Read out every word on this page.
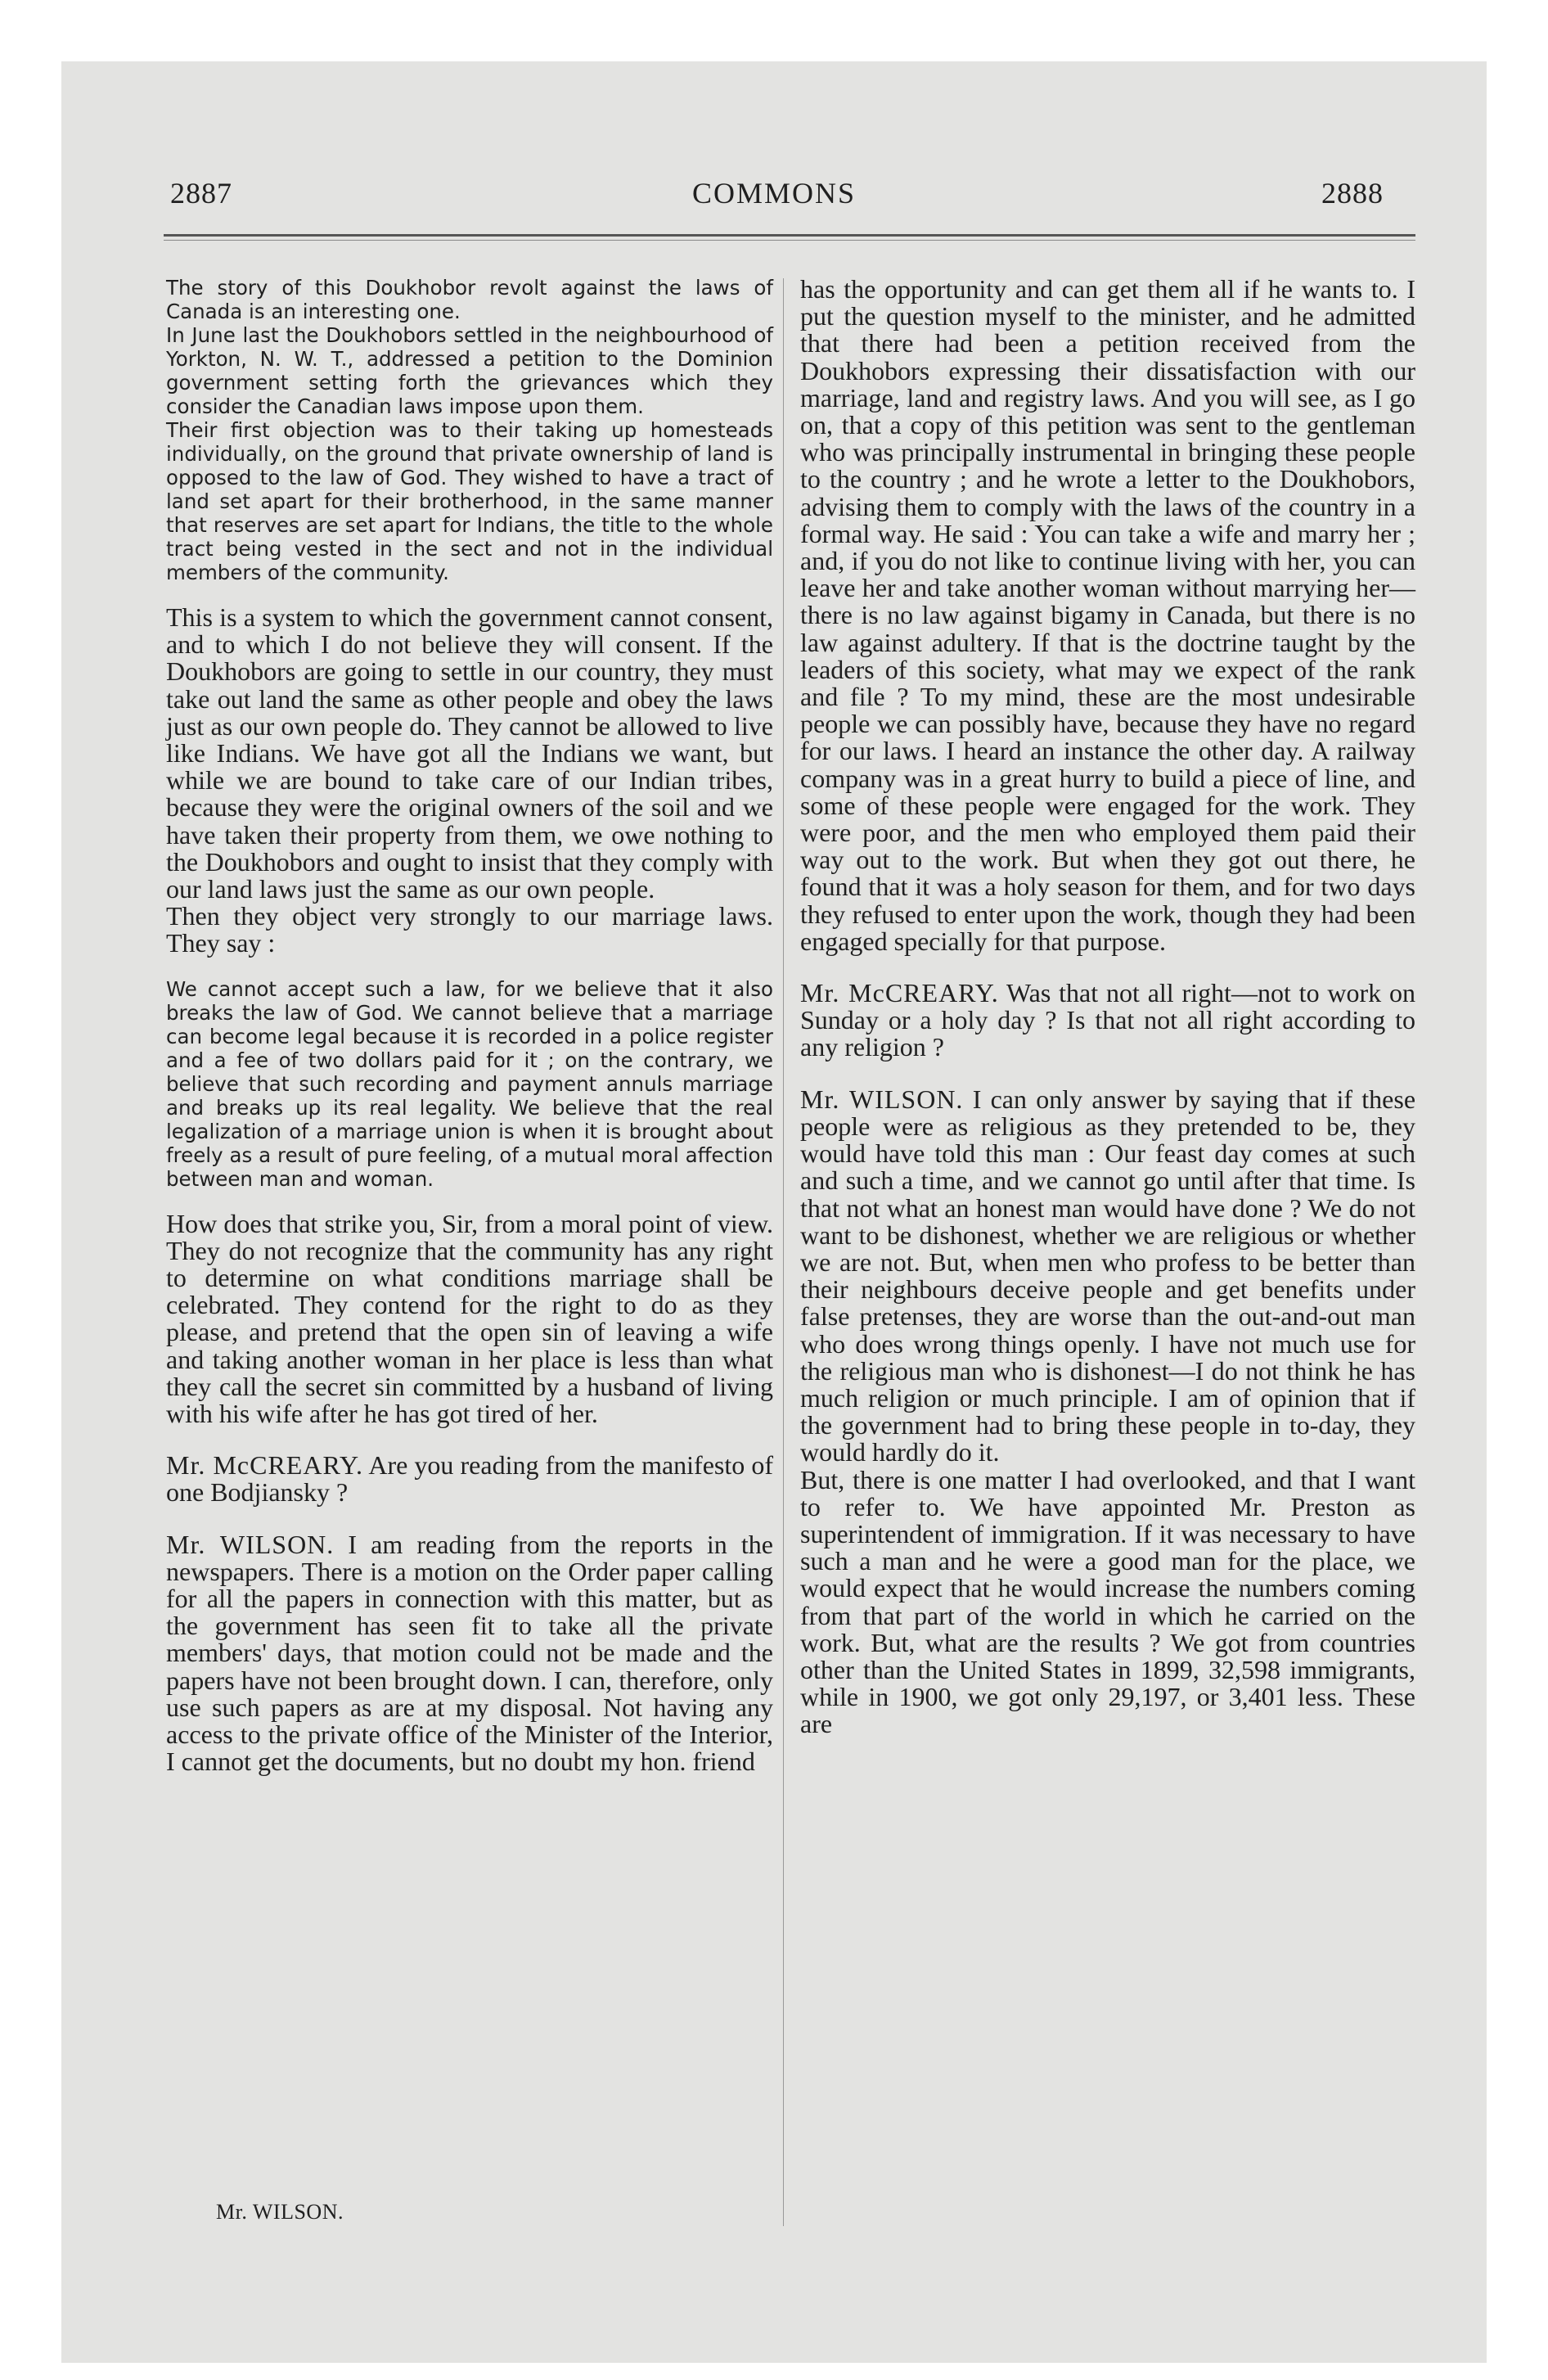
2887	COMMONS	2888

The story of this Doukhobor revolt against the laws of Canada is an interesting one.

In June last the Doukhobors settled in the neighbourhood of Yorkton, N. W. T., addressed a petition to the Dominion government setting forth the grievances which they consider the Canadian laws impose upon them.

Their first objection was to their taking up homesteads individually, on the ground that private ownership of land is opposed to the law of God. They wished to have a tract of land set apart for their brotherhood, in the same manner that reserves are set apart for Indians, the title to the whole tract being vested in the sect and not in the individual members of the community.

This is a system to which the government cannot consent, and to which I do not believe they will consent. If the Doukhobors are going to settle in our country, they must take out land the same as other people and obey the laws just as our own people do. They cannot be allowed to live like Indians. We have got all the Indians we want, but while we are bound to take care of our Indian tribes, because they were the original owners of the soil and we have taken their property from them, we owe nothing to the Doukhobors and ought to insist that they comply with our land laws just the same as our own people.

Then they object very strongly to our marriage laws. They say :

We cannot accept such a law, for we believe that it also breaks the law of God. We cannot believe that a marriage can become legal because it is recorded in a police register and a fee of two dollars paid for it ; on the contrary, we believe that such recording and payment annuls marriage and breaks up its real legality. We believe that the real legalization of a marriage union is when it is brought about freely as a result of pure feeling, of a mutual moral affection between man and woman.

How does that strike you, Sir, from a moral point of view. They do not recognize that the community has any right to determine on what conditions marriage shall be celebrated. They contend for the right to do as they please, and pretend that the open sin of leaving a wife and taking another woman in her place is less than what they call the secret sin committed by a husband of living with his wife after he has got tired of her.

Mr. McCREARY. Are you reading from the manifesto of one Bodjiansky ?

Mr. WILSON. I am reading from the reports in the newspapers. There is a motion on the Order paper calling for all the papers in connection with this matter, but as the government has seen fit to take all the private members' days, that motion could not be made and the papers have not been brought down. I can, therefore, only use such papers as are at my disposal. Not having any access to the private office of the Minister of the Interior, I cannot get the documents, but no doubt my hon. friend

has the opportunity and can get them all if he wants to. I put the question myself to the minister, and he admitted that there had been a petition received from the Doukhobors expressing their dissatisfaction with our marriage, land and registry laws. And you will see, as I go on, that a copy of this petition was sent to the gentleman who was principally instrumental in bringing these people to the country ; and he wrote a letter to the Doukhobors, advising them to comply with the laws of the country in a formal way. He said : You can take a wife and marry her ; and, if you do not like to continue living with her, you can leave her and take another woman without marrying her—there is no law against bigamy in Canada, but there is no law against adultery. If that is the doctrine taught by the leaders of this society, what may we expect of the rank and file ? To my mind, these are the most undesirable people we can possibly have, because they have no regard for our laws. I heard an instance the other day. A railway company was in a great hurry to build a piece of line, and some of these people were engaged for the work. They were poor, and the men who employed them paid their way out to the work. But when they got out there, he found that it was a holy season for them, and for two days they refused to enter upon the work, though they had been engaged specially for that purpose.

Mr. McCREARY. Was that not all right—not to work on Sunday or a holy day ? Is that not all right according to any religion ?

Mr. WILSON. I can only answer by saying that if these people were as religious as they pretended to be, they would have told this man : Our feast day comes at such and such a time, and we cannot go until after that time. Is that not what an honest man would have done ? We do not want to be dishonest, whether we are religious or whether we are not. But, when men who profess to be better than their neighbours deceive people and get benefits under false pretenses, they are worse than the out-and-out man who does wrong things openly. I have not much use for the religious man who is dishonest—I do not think he has much religion or much principle. I am of opinion that if the government had to bring these people in to-day, they would hardly do it.

But, there is one matter I had overlooked, and that I want to refer to. We have appointed Mr. Preston as superintendent of immigration. If it was necessary to have such a man and he were a good man for the place, we would expect that he would increase the numbers coming from that part of the world in which he carried on the work. But, what are the results ? We got from countries other than the United States in 1899, 32,598 immigrants, while in 1900, we got only 29,197, or 3,401 less. These are

Mr. WILSON.
